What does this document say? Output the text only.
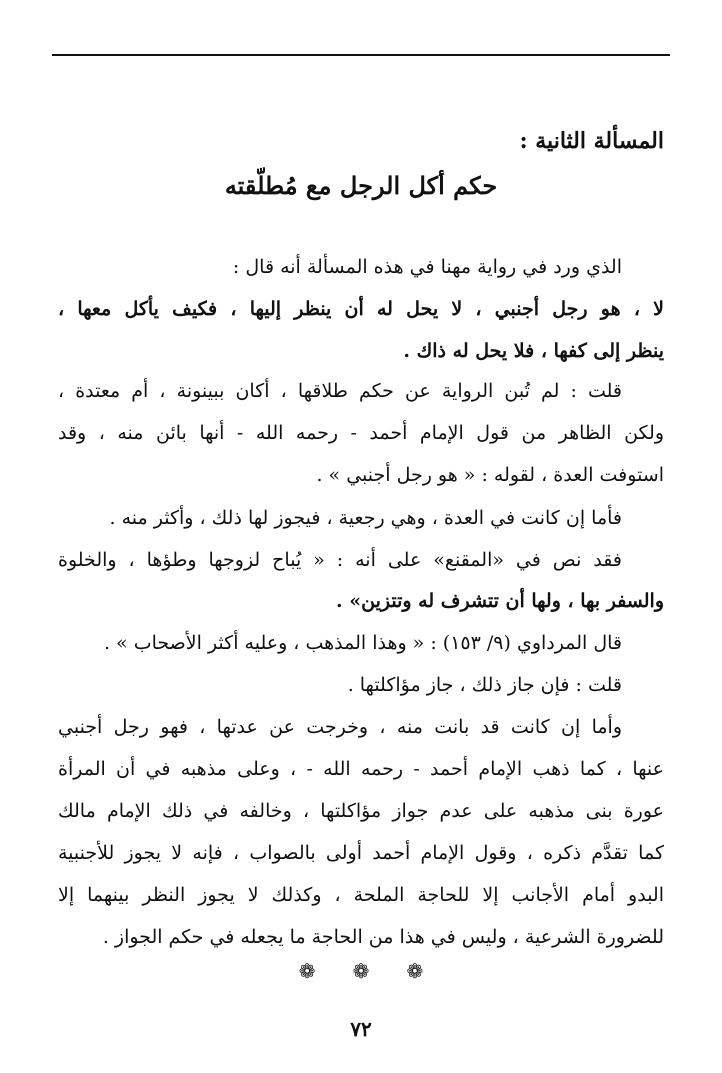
المسألة الثانية :
حكم أكل الرجل مع مُطلّقته
الذي ورد في رواية مهنا في هذه المسألة أنه قال :
لا ، هو رجل أجنبي ، لا يحل له أن ينظر إليها ، فكيف يأكل معها ،
ينظر إلى كفها ، فلا يحل له ذاك .
قلت : لم تُبن الرواية عن حكم طلاقها ، أكان ببينونة ، أم معتدة ،
ولكن الظاهر من قول الإمام أحمد - رحمه الله - أنها بائن منه ، وقد
استوفت العدة ، لقوله : « هو رجل أجنبي » .
فأما إن كانت في العدة ، وهي رجعية ، فيجوز لها ذلك ، وأكثر منه .
فقد نص في «المقنع» على أنه : « يُباح لزوجها وطؤها ، والخلوة
والسفر بها ، ولها أن تتشرف له وتتزين» .
قال المرداوي (٩/ ١٥٣) : « وهذا المذهب ، وعليه أكثر الأصحاب » .
قلت : فإن جاز ذلك ، جاز مؤاكلتها .
وأما إن كانت قد بانت منه ، وخرجت عن عدتها ، فهو رجل أجنبي
عنها ، كما ذهب الإمام أحمد - رحمه الله - ، وعلى مذهبه في أن المرأة
عورة بنى مذهبه على عدم جواز مؤاكلتها ، وخالفه في ذلك الإمام مالك
كما تقدَّم ذكره ، وقول الإمام أحمد أولى بالصواب ، فإنه لا يجوز للأجنبية
البدو أمام الأجانب إلا للحاجة الملحة ، وكذلك لا يجوز النظر بينهما إلا
للضرورة الشرعية ، وليس في هذا من الحاجة ما يجعله في حكم الجواز .
❁ ❁ ❁
٧٢
